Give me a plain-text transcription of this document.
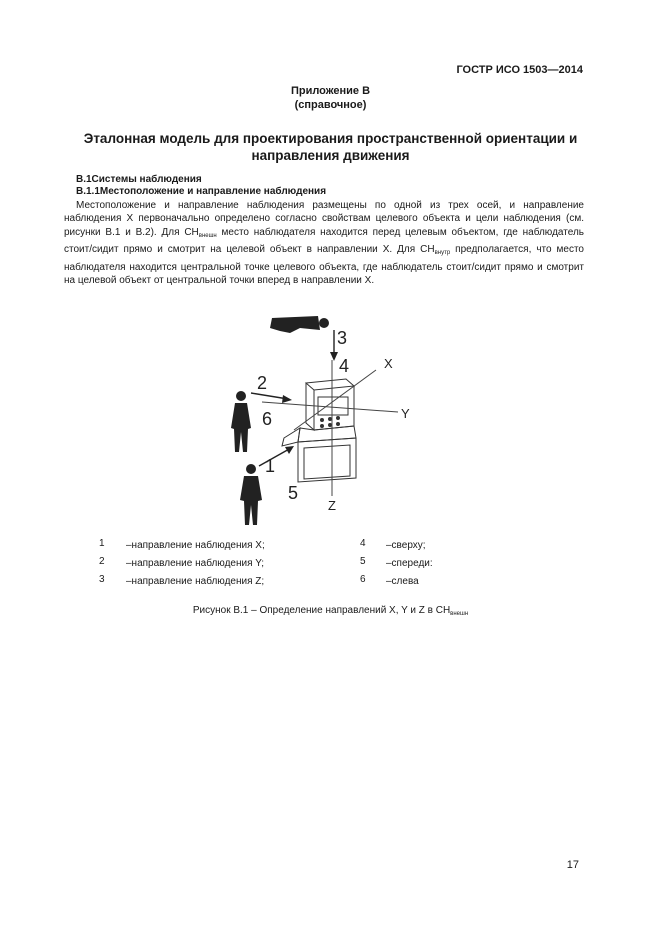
ГОСТР ИСО 1503—2014
Приложение В
(справочное)
Эталонная модель для проектирования пространственной ориентации и направления движения
В.1Системы наблюдения
В.1.1Местоположение и направление наблюдения
Местоположение и направление наблюдения размещены по одной из трех осей, и направление наблюдения X первоначально определено согласно свойствам целевого объекта и цели наблюдения (см. рисунки В.1 и В.2). Для $СН_{внешн}$ место наблюдателя находится перед целевым объектом, где наблюдатель стоит/сидит прямо и смотрит на целевой объект в направлении X. Для $СН_{внутр}$ предполагается, что место наблюдателя находится центральной точке целевого объекта, где наблюдатель стоит/сидит прямо и смотрит на целевой объект от центральной точки вперед в направлении X.
3
4
2
6
1
5
X
Y
Z
1 –направление наблюдения X;
2 –направление наблюдения Y;
3 –направление наблюдения Z;
4 –сверху;
5 –спереди:
6 –слева
Рисунок В.1 – Определение направлений X, Y и Z в $СН_{внешн}$
17
